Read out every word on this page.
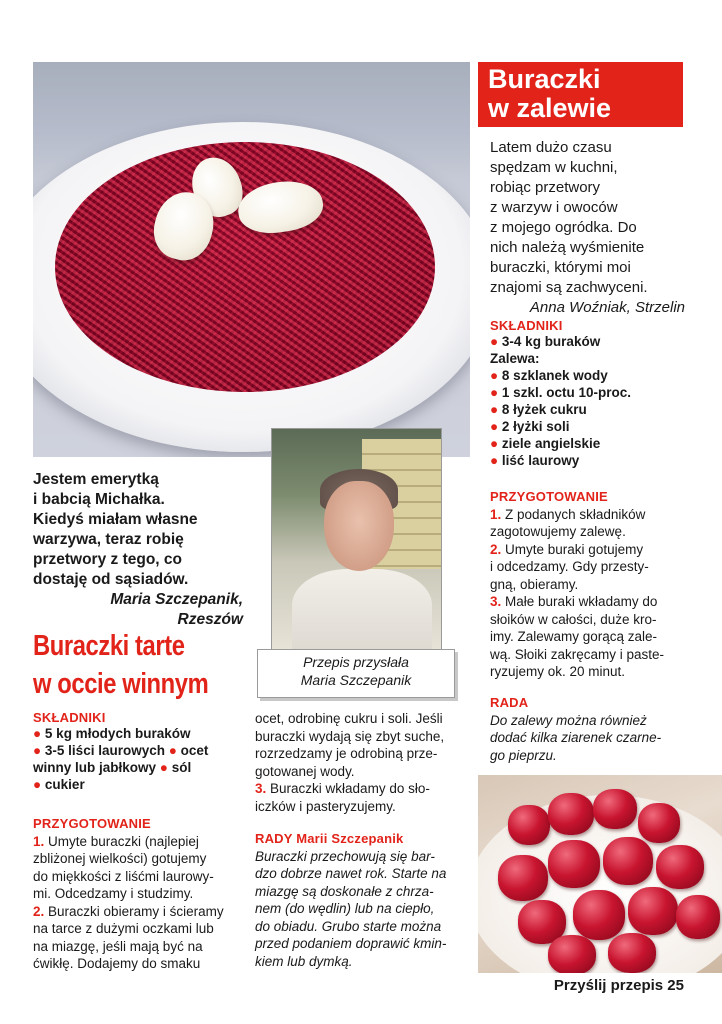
Buraczki
w zalewie
Latem dużo czasu
spędzam w kuchni,
robiąc przetwory
z warzyw i owoców
z mojego ogródka. Do
nich należą wyśmienite
buraczki, którymi moi
znajomi są zachwyceni.
Anna Woźniak, Strzelin
SKŁADNIKI
● 3-4 kg buraków
Zalewa:
● 8 szklanek wody
● 1 szkl. octu 10-proc.
● 8 łyżek cukru
● 2 łyżki soli
● ziele angielskie
● liść laurowy
PRZYGOTOWANIE
1. Z podanych składników
zagotowujemy zalewę.
2. Umyte buraki gotujemy
i odcedzamy. Gdy przesty-
gną, obieramy.
3. Małe buraki wkładamy do
słoików w całości, duże kro-
imy. Zalewamy gorącą zale-
wą. Słoiki zakręcamy i paste-
ryzujemy ok. 20 minut.
RADA
Do zalewy można również
dodać kilka ziarenek czarne-
go pieprzu.
Przepis przysłała
Maria Szczepanik
Jestem emerytką
i babcią Michałka.
Kiedyś miałam własne
warzywa, teraz robię
przetwory z tego, co
dostaję od sąsiadów.
Maria Szczepanik,
Rzeszów
Buraczki tarte
w occie winnym
SKŁADNIKI
● 5 kg młodych buraków
● 3-5 liści laurowych ● ocet winny lub jabłkowy ● sól
● cukier
PRZYGOTOWANIE
1. Umyte buraczki (najlepiej
zbliżonej wielkości) gotujemy
do miękkości z liśćmi laurowy-
mi. Odcedzamy i studzimy.
2. Buraczki obieramy i ścieramy
na tarce z dużymi oczkami lub
na miazgę, jeśli mają być na
ćwikłę. Dodajemy do smaku
ocet, odrobinę cukru i soli. Jeśli
buraczki wydają się zbyt suche,
rozrzedzamy je odrobiną prze-
gotowanej wody.
3. Buraczki wkładamy do sło-
iczków i pasteryzujemy.
RADY Marii Szczepanik
Buraczki przechowują się bar-
dzo dobrze nawet rok. Starte na
miazgę są doskonałe z chrza-
nem (do wędlin) lub na ciepło,
do obiadu. Grubo starte można
przed podaniem doprawić kmin-
kiem lub dymką.
Przyślij przepis 25
